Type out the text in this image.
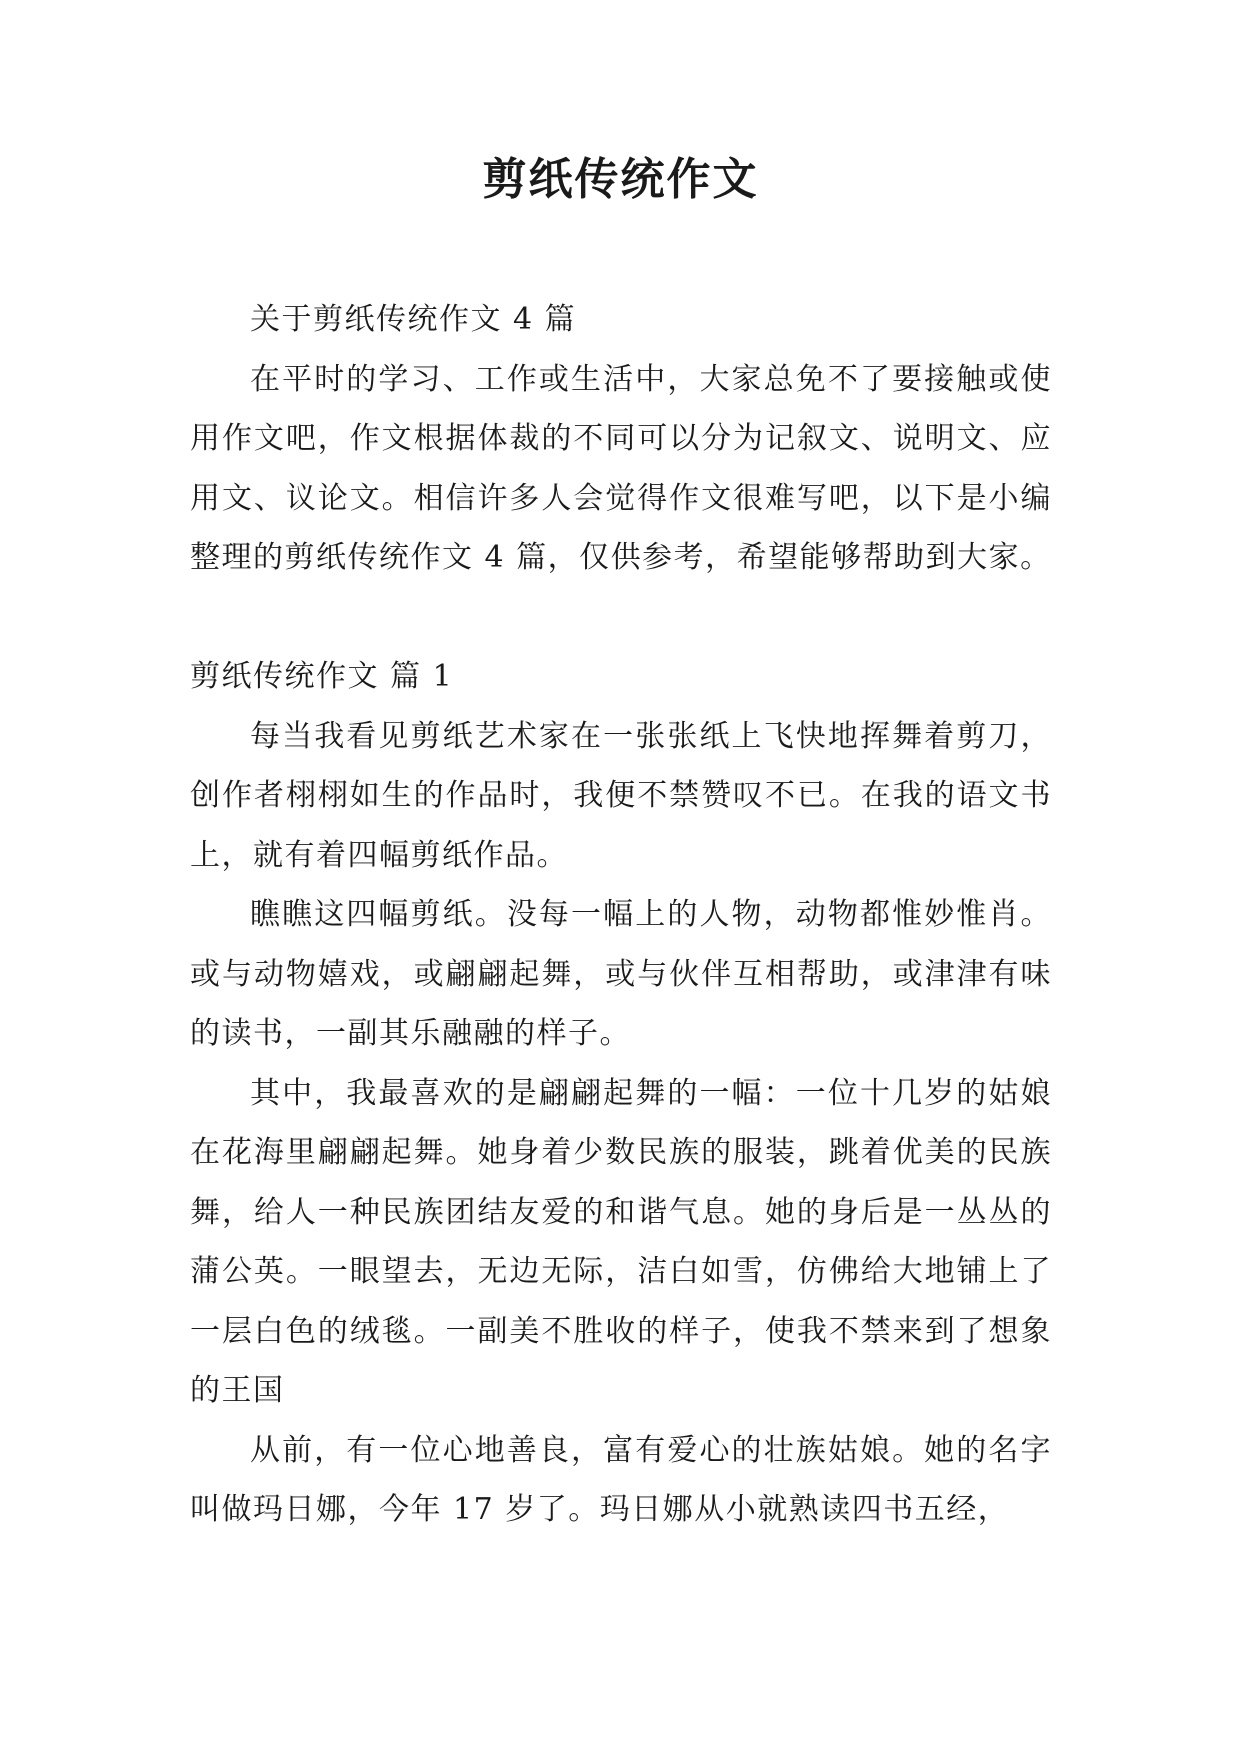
剪纸传统作文

关于剪纸传统作文 4 篇

在平时的学习、工作或生活中，大家总免不了要接触或使用作文吧，作文根据体裁的不同可以分为记叙文、说明文、应用文、议论文。相信许多人会觉得作文很难写吧，以下是小编整理的剪纸传统作文 4 篇，仅供参考，希望能够帮助到大家。

剪纸传统作文 篇 1

每当我看见剪纸艺术家在一张张纸上飞快地挥舞着剪刀，创作者栩栩如生的作品时，我便不禁赞叹不已。在我的语文书上，就有着四幅剪纸作品。

瞧瞧这四幅剪纸。没每一幅上的人物，动物都惟妙惟肖。或与动物嬉戏，或翩翩起舞，或与伙伴互相帮助，或津津有味的读书，一副其乐融融的样子。

其中，我最喜欢的是翩翩起舞的一幅：一位十几岁的姑娘在花海里翩翩起舞。她身着少数民族的服装，跳着优美的民族舞，给人一种民族团结友爱的和谐气息。她的身后是一丛丛的蒲公英。一眼望去，无边无际，洁白如雪，仿佛给大地铺上了一层白色的绒毯。一副美不胜收的样子，使我不禁来到了想象的王国

从前，有一位心地善良，富有爱心的壮族姑娘。她的名字叫做玛日娜，今年 17 岁了。玛日娜从小就熟读四书五经，
